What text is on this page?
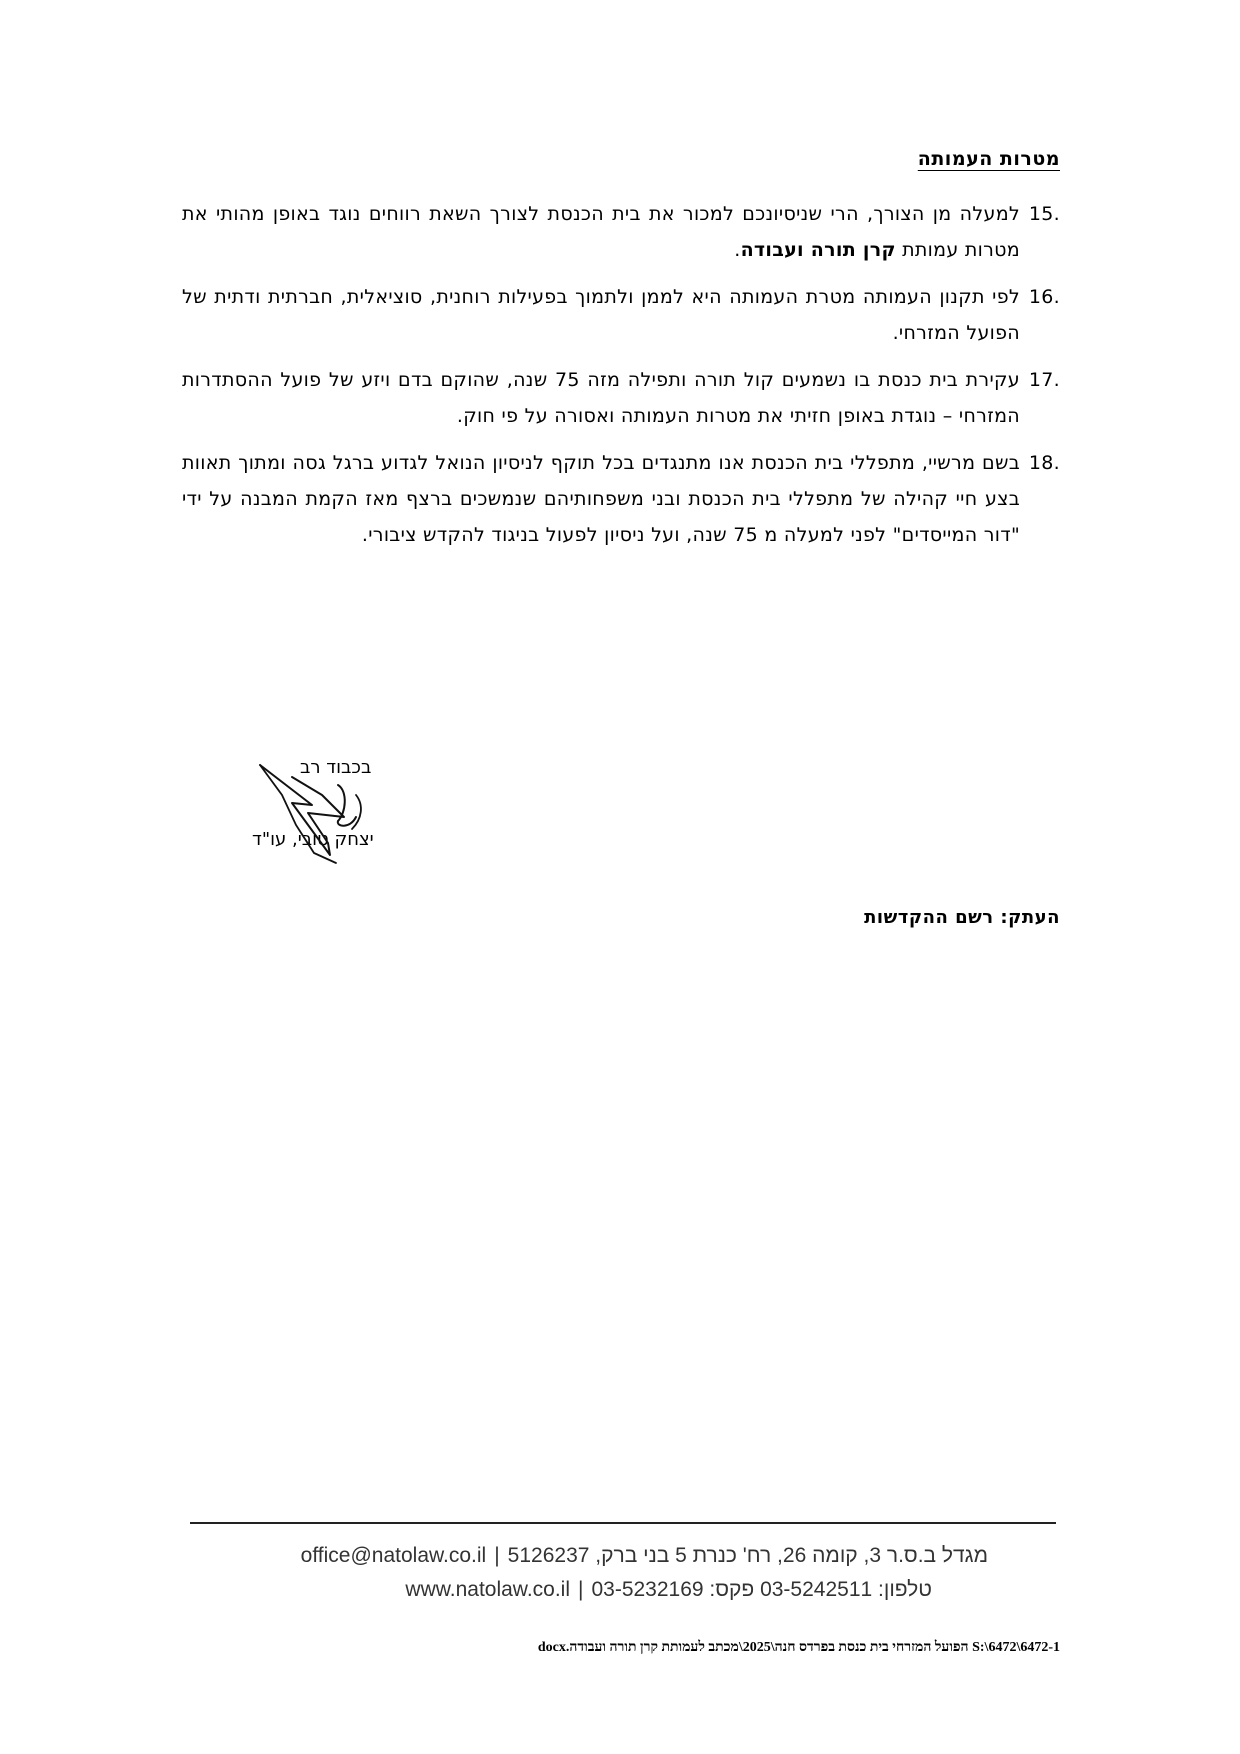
מטרות העמותה
15.
למעלה מן הצורך, הרי שניסיונכם למכור את בית הכנסת לצורך השאת רווחים נוגד באופן מהותי את מטרות עמותת קרן תורה ועבודה.
16.
לפי תקנון העמותה מטרת העמותה היא לממן ולתמוך בפעילות רוחנית, סוציאלית, חברתית ודתית של הפועל המזרחי.
17.
עקירת בית כנסת בו נשמעים קול תורה ותפילה מזה 75 שנה, שהוקם בדם ויזע של פועל ההסתדרות המזרחי – נוגדת באופן חזיתי את מטרות העמותה ואסורה על פי חוק.
18.
בשם מרשיי, מתפללי בית הכנסת אנו מתנגדים בכל תוקף לניסיון הנואל לגדוע ברגל גסה ומתוך תאוות בצע חיי קהילה של מתפללי בית הכנסת ובני משפחותיהם שנמשכים ברצף מאז הקמת המבנה על ידי "דור המייסדים" לפני למעלה מ 75 שנה, ועל ניסיון לפעול בניגוד להקדש ציבורי.
בכבוד רב
יצחק טובי, עו"ד
העתק: רשם ההקדשות
מגדל ב.ס.ר 3, קומה 26, רח' כנרת 5 בני ברק, 5126237|office@natolaw.co.il
טלפון: 03-5242511 פקס: 03-5232169|www.natolaw.co.il
S:\6472\6472-1 הפועל המזרחי בית כנסת בפרדס חנה\2025\מכתב לעמותת קרן תורה ועבודה.docx
